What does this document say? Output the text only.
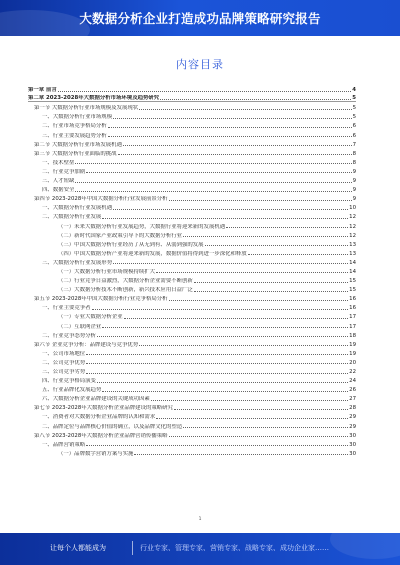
大数据分析企业打造成功品牌策略研究报告
内容目录
第一章 前言	4
第二章 2023-2028年大数据分析市场环境及趋势研究	5
第一节 大数据分析行业市场规模及发展现状	5
一、大数据分析行业市场规模	5
二、行业市场竞争格局分析	6
三、行业主要发展趋势分析	6
第二节 大数据分析行业市场发展机遇	7
第三节 大数据分析行业面临的挑战	8
一、技术壁垒	8
二、行业竞争加剧	9
三、人才短缺	9
四、数据安全	9
第四节 2023-2028年中国大数据分析行业发展前景分析	9
一、大数据分析行业发展机遇	10
二、大数据分析行业发展	12
（一）未来大数据分析行业发展趋势，大数据行业将迎来新的发展机遇	12
（二）新时代国家产业政策引导下的大数据分析行业	12
（三）中国大数据分析行业经历了从无到有、从弱到强的发展	13
（四）中国大数据分析产业将迎来新的发展，数据价值将得到进一步深化和释放	13
三、大数据分析行业发展形势	14
（一）大数据分析行业市场规模持续扩大	14
（二）行业竞争日益激烈，大数据分析企业需要不断创新	15
（三）大数据分析技术不断创新，新兴技术应用日益广泛	15
第五节 2023-2028年中国大数据分析行业竞争格局分析	16
一、行业主要竞争者	16
（一）专业大数据分析企业	17
（二）互联网企业	17
二、行业竞争态势分析	18
第六节 企业竞争分析：品牌建设与竞争优势	19
一、公司市场地位	19
二、公司竞争优势	20
三、公司竞争劣势	22
四、行业竞争格局演变	24
五、行业品牌化发展趋势	26
六、大数据分析企业品牌建设的关键成功因素	27
第七节 2023-2028年大数据分析企业品牌建设的策略研究	28
一、消费者对大数据分析企业品牌的认知和需求	29
二、品牌定位与品牌核心价值的确立，以及品牌文化的塑造	29
第八节 2023-2028年大数据分析企业品牌营销传播策略	30
一、品牌营销策略	30
（一）品牌数字营销方案与实施	30
1
让每个人都能成为	行业专家、管理专家、营销专家、战略专家、成功企业家……
